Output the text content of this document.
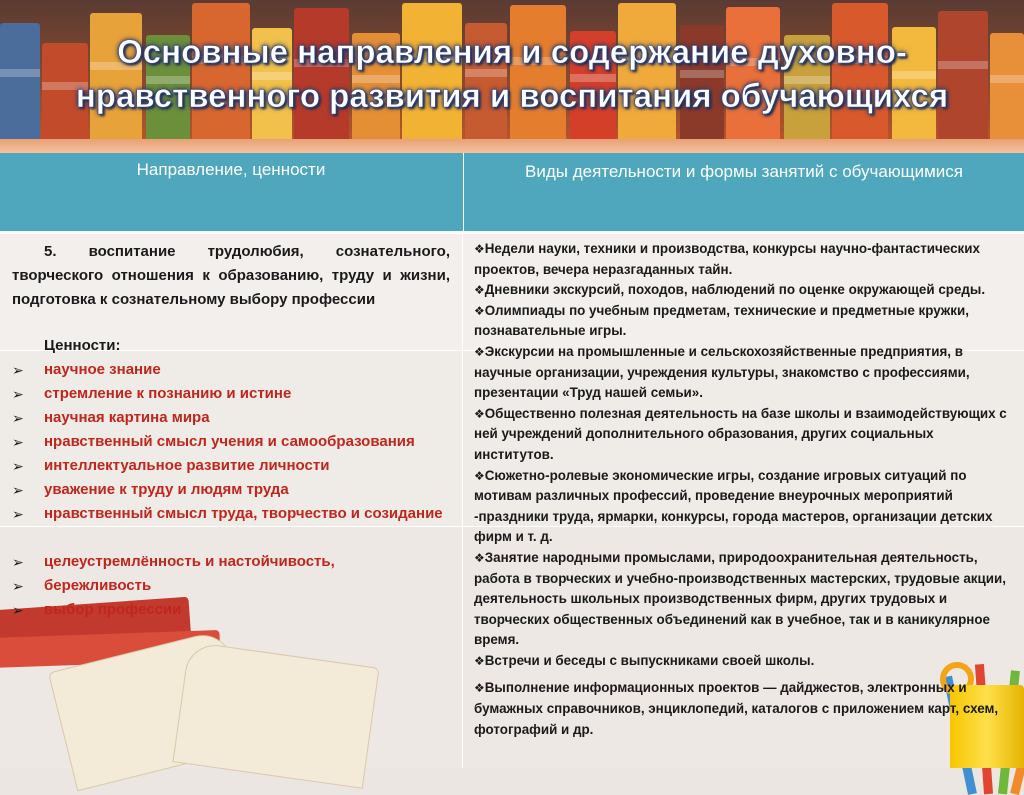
Основные направления и содержание духовно-нравственного развития и воспитания обучающихся
Направление, ценности	Виды деятельности и формы занятий с обучающимися

5. воспитание трудолюбия, сознательного, творческого отношения к образованию, труду и жизни, подготовка к сознательному выбору профессии

Ценности:
➢ научное знание
➢ стремление к познанию и истине
➢ научная картина мира
➢ нравственный смысл учения и самообразования
➢ интеллектуальное развитие личности
➢ уважение к труду и людям труда
➢ нравственный смысл труда, творчество и созидание
➢ целеустремлённость и настойчивость,
➢ бережливость
➢ выбор профессии
❖Недели науки, техники и производства, конкурсы научно-фантастических проектов, вечера неразгаданных тайн.
❖Дневники экскурсий, походов, наблюдений по оценке окружающей среды.
❖Олимпиады по учебным предметам, технические и предметные кружки, познавательные игры.
❖Экскурсии на промышленные и сельскохозяйственные предприятия, в научные организации, учреждения культуры, знакомство с профессиями, презентации «Труд нашей семьи».
❖Общественно полезная деятельность на базе школы и взаимодействующих с ней учреждений дополнительного образования, других социальных институтов.
❖Сюжетно-ролевые экономические игры, создание игровых ситуаций по мотивам различных профессий, проведение внеурочных мероприятий -праздники труда, ярмарки, конкурсы, города мастеров, организации детских фирм и т. д.
❖Занятие народными промыслами, природоохранительная деятельность, работа в творческих и учебно-производственных мастерских, трудовые акции, деятельность школьных производственных фирм, других трудовых и творческих общественных объединений как в учебное, так и в каникулярное время.
❖Встречи и беседы с выпускниками своей школы.
❖Выполнение информационных проектов — дайджестов, электронных и бумажных справочников, энциклопедий, каталогов с приложением карт, схем, фотографий и др.
